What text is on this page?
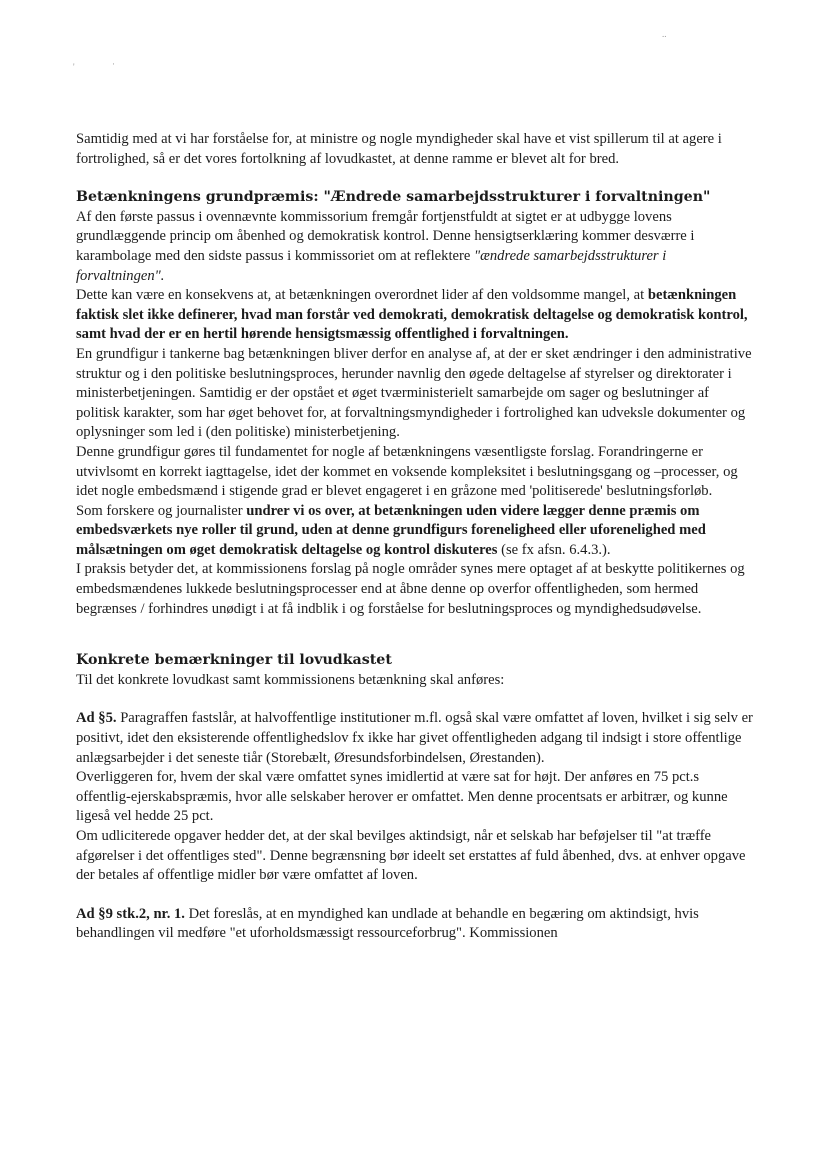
'	·
..

Samtidig med at vi har forståelse for, at ministre og nogle myndigheder skal have et vist spillerum til at agere i fortrolighed, så er det vores fortolkning af lovudkastet, at denne ramme er blevet alt for bred.

Betænkningens grundpræmis: "Ændrede samarbejdsstrukturer i forvaltningen"

Af den første passus i ovennævnte kommissorium fremgår fortjenstfuldt at sigtet er at udbygge lovens grundlæggende princip om åbenhed og demokratisk kontrol. Denne hensigtserklæring kommer desværre i karambolage med den sidste passus i kommissoriet om at reflektere "ændrede samarbejdsstrukturer i forvaltningen".

Dette kan være en konsekvens at, at betænkningen overordnet lider af den voldsomme mangel, at betænkningen faktisk slet ikke definerer, hvad man forstår ved demokrati, demokratisk deltagelse og demokratisk kontrol, samt hvad der er en hertil hørende hensigtsmæssig offentlighed i forvaltningen.

En grundfigur i tankerne bag betænkningen bliver derfor en analyse af, at der er sket ændringer i den administrative struktur og i den politiske beslutningsproces, herunder navnlig den øgede deltagelse af styrelser og direktorater i ministerbetjeningen. Samtidig er der opstået et øget tværministerielt samarbejde om sager og beslutninger af politisk karakter, som har øget behovet for, at forvaltningsmyndigheder i fortrolighed kan udveksle dokumenter og oplysninger som led i (den politiske) ministerbetjening.

Denne grundfigur gøres til fundamentet for nogle af betænkningens væsentligste forslag. Forandringerne er utvivlsomt en korrekt iagttagelse, idet der kommet en voksende kompleksitet i beslutningsgang og –processer, og idet nogle embedsmænd i stigende grad er blevet engageret i en gråzone med 'politiserede' beslutningsforløb.

Som forskere og journalister undrer vi os over, at betænkningen uden videre lægger denne præmis om embedsværkets nye roller til grund, uden at denne grundfigurs foreneligheed eller uforenelighed med målsætningen om øget demokratisk deltagelse og kontrol diskuteres (se fx afsn. 6.4.3.).

I praksis betyder det, at kommissionens forslag på nogle områder synes mere optaget af at beskytte politikernes og embedsmændenes lukkede beslutningsprocesser end at åbne denne op overfor offentligheden, som hermed begrænses / forhindres unødigt i at få indblik i og forståelse for beslutningsproces og myndighedsudøvelse.

Konkrete bemærkninger til lovudkastet

Til det konkrete lovudkast samt kommissionens betænkning skal anføres:

Ad §5. Paragraffen fastslår, at halvoffentlige institutioner m.fl. også skal være omfattet af loven, hvilket i sig selv er positivt, idet den eksisterende offentlighedslov fx ikke har givet offentligheden adgang til indsigt i store offentlige anlægsarbejder i det seneste tiår (Storebælt, Øresundsforbindelsen, Ørestanden).

Overliggeren for, hvem der skal være omfattet synes imidlertid at være sat for højt. Der anføres en 75 pct.s offentlig-ejerskabspræmis, hvor alle selskaber herover er omfattet. Men denne procentsats er arbitrær, og kunne ligeså vel hedde 25 pct.

Om udliciterede opgaver hedder det, at der skal bevilges aktindsigt, når et selskab har beføjelser til "at træffe afgørelser i det offentliges sted". Denne begrænsning bør ideelt set erstattes af fuld åbenhed, dvs. at enhver opgave der betales af offentlige midler bør være omfattet af loven.

Ad §9 stk.2, nr. 1. Det foreslås, at en myndighed kan undlade at behandle en begæring om aktindsigt, hvis behandlingen vil medføre "et uforholdsmæssigt ressourceforbrug". Kommissionen
